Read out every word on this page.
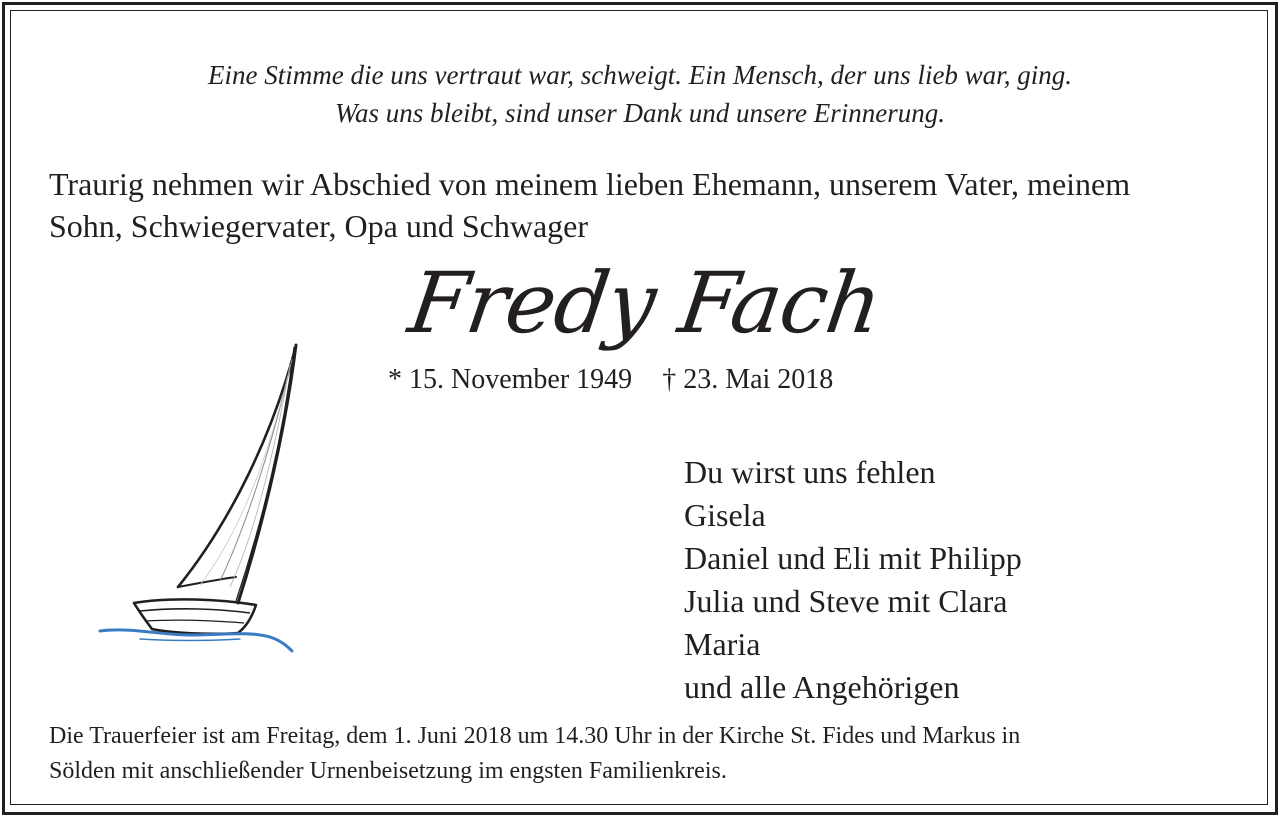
Eine Stimme die uns vertraut war, schweigt. Ein Mensch, der uns lieb war, ging.
Was uns bleibt, sind unser Dank und unsere Erinnerung.
Traurig nehmen wir Abschied von meinem lieben Ehemann, unserem Vater, meinem
Sohn, Schwiegervater, Opa und Schwager
Fredy Fach
* 15. November 1949 † 23. Mai 2018
Du wirst uns fehlen
Gisela
Daniel und Eli mit Philipp
Julia und Steve mit Clara
Maria
und alle Angehörigen
Die Trauerfeier ist am Freitag, dem 1. Juni 2018 um 14.30 Uhr in der Kirche St. Fides und Markus in
Sölden mit anschließender Urnenbeisetzung im engsten Familienkreis.
